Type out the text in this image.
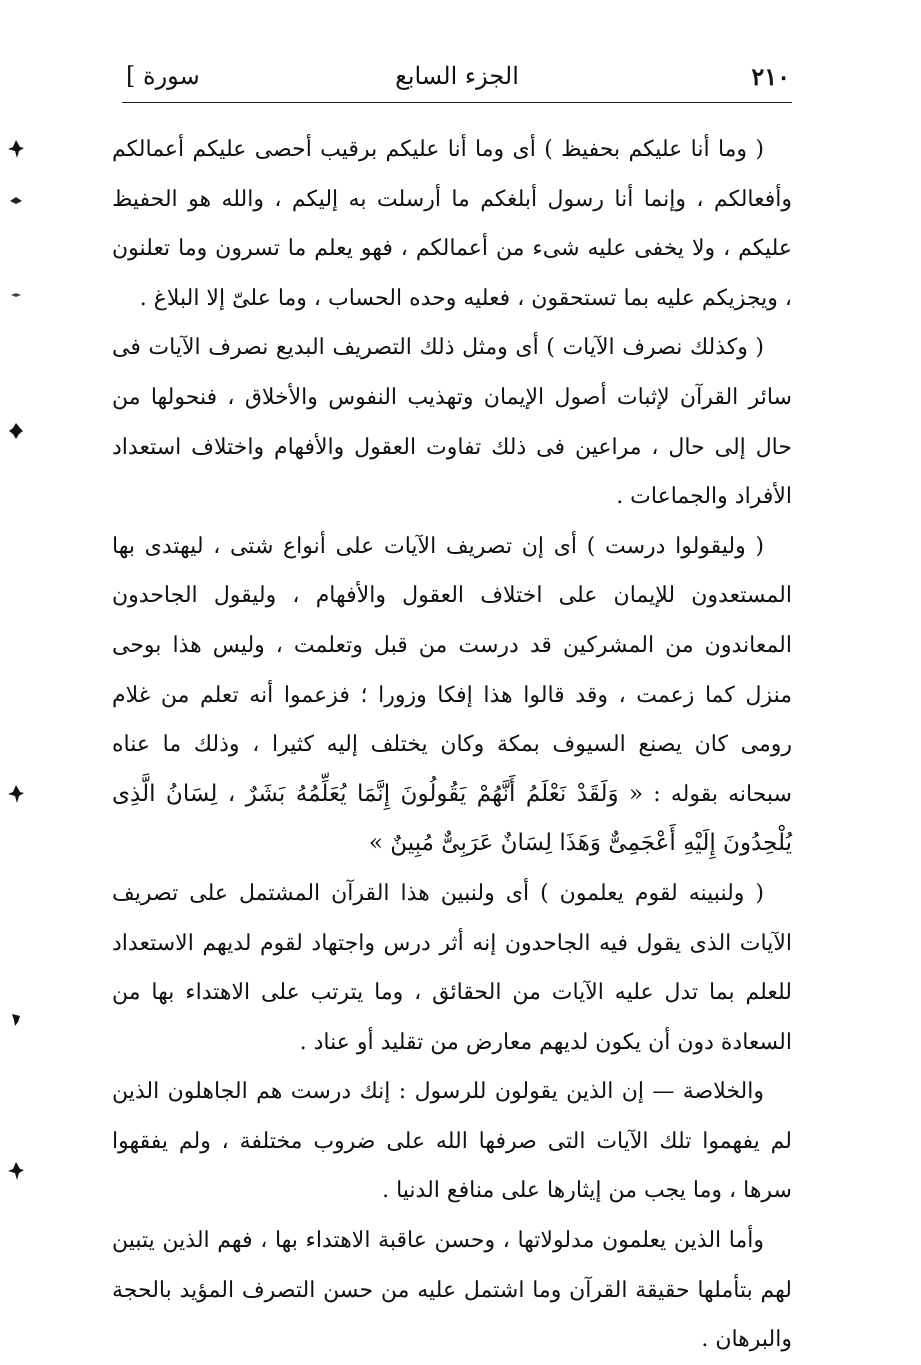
٢١٠
الجزء السابع
[ سورة

( وما أنا عليكم بحفيظ ) أى وما أنا عليكم برقيب أحصى عليكم أعمالكم وأفعالكم ، وإنما أنا رسول أبلغكم ما أرسلت به إليكم ، والله هو الحفيظ عليكم ، ولا يخفى عليه شىء من أعمالكم ، فهو يعلم ما تسرون وما تعلنون ، ويجزيكم عليه بما تستحقون ، فعليه وحده الحساب ، وما علىّ إلا البلاغ .

( وكذلك نصرف الآيات ) أى ومثل ذلك التصريف البديع نصرف الآيات فى سائر القرآن لإثبات أصول الإيمان وتهذيب النفوس والأخلاق ، فنحولها من حال إلى حال ، مراعين فى ذلك تفاوت العقول والأفهام واختلاف استعداد الأفراد والجماعات .

( وليقولوا درست ) أى إن تصريف الآيات على أنواع شتى ، ليهتدى بها المستعدون للإيمان على اختلاف العقول والأفهام ، وليقول الجاحدون المعاندون من المشركين قد درست من قبل وتعلمت ، وليس هذا بوحى منزل كما زعمت ، وقد قالوا هذا إفكا وزورا ؛ فزعموا أنه تعلم من غلام رومى كان يصنع السيوف بمكة وكان يختلف إليه كثيرا ، وذلك ما عناه سبحانه بقوله : « وَلَقَدْ نَعْلَمُ أَنَّهُمْ يَقُولُونَ إِنَّمَا يُعَلِّمُهُ بَشَرٌ ، لِسَانُ الَّذِى يُلْحِدُونَ إِلَيْهِ أَعْجَمِىٌّ وَهَذَا لِسَانٌ عَرَبِىٌّ مُبِينٌ »

( ولنبينه لقوم يعلمون ) أى ولنبين هذا القرآن المشتمل على تصريف الآيات الذى يقول فيه الجاحدون إنه أثر درس واجتهاد لقوم لديهم الاستعداد للعلم بما تدل عليه الآيات من الحقائق ، وما يترتب على الاهتداء بها من السعادة دون أن يكون لديهم معارض من تقليد أو عناد .

والخلاصة — إن الذين يقولون للرسول : إنك درست هم الجاهلون الذين لم يفهموا تلك الآيات التى صرفها الله على ضروب مختلفة ، ولم يفقهوا سرها ، وما يجب من إيثارها على منافع الدنيا .

وأما الذين يعلمون مدلولاتها ، وحسن عاقبة الاهتداء بها ، فهم الذين يتبين لهم بتأملها حقيقة القرآن وما اشتمل عليه من حسن التصرف المؤيد بالحجة والبرهان .
